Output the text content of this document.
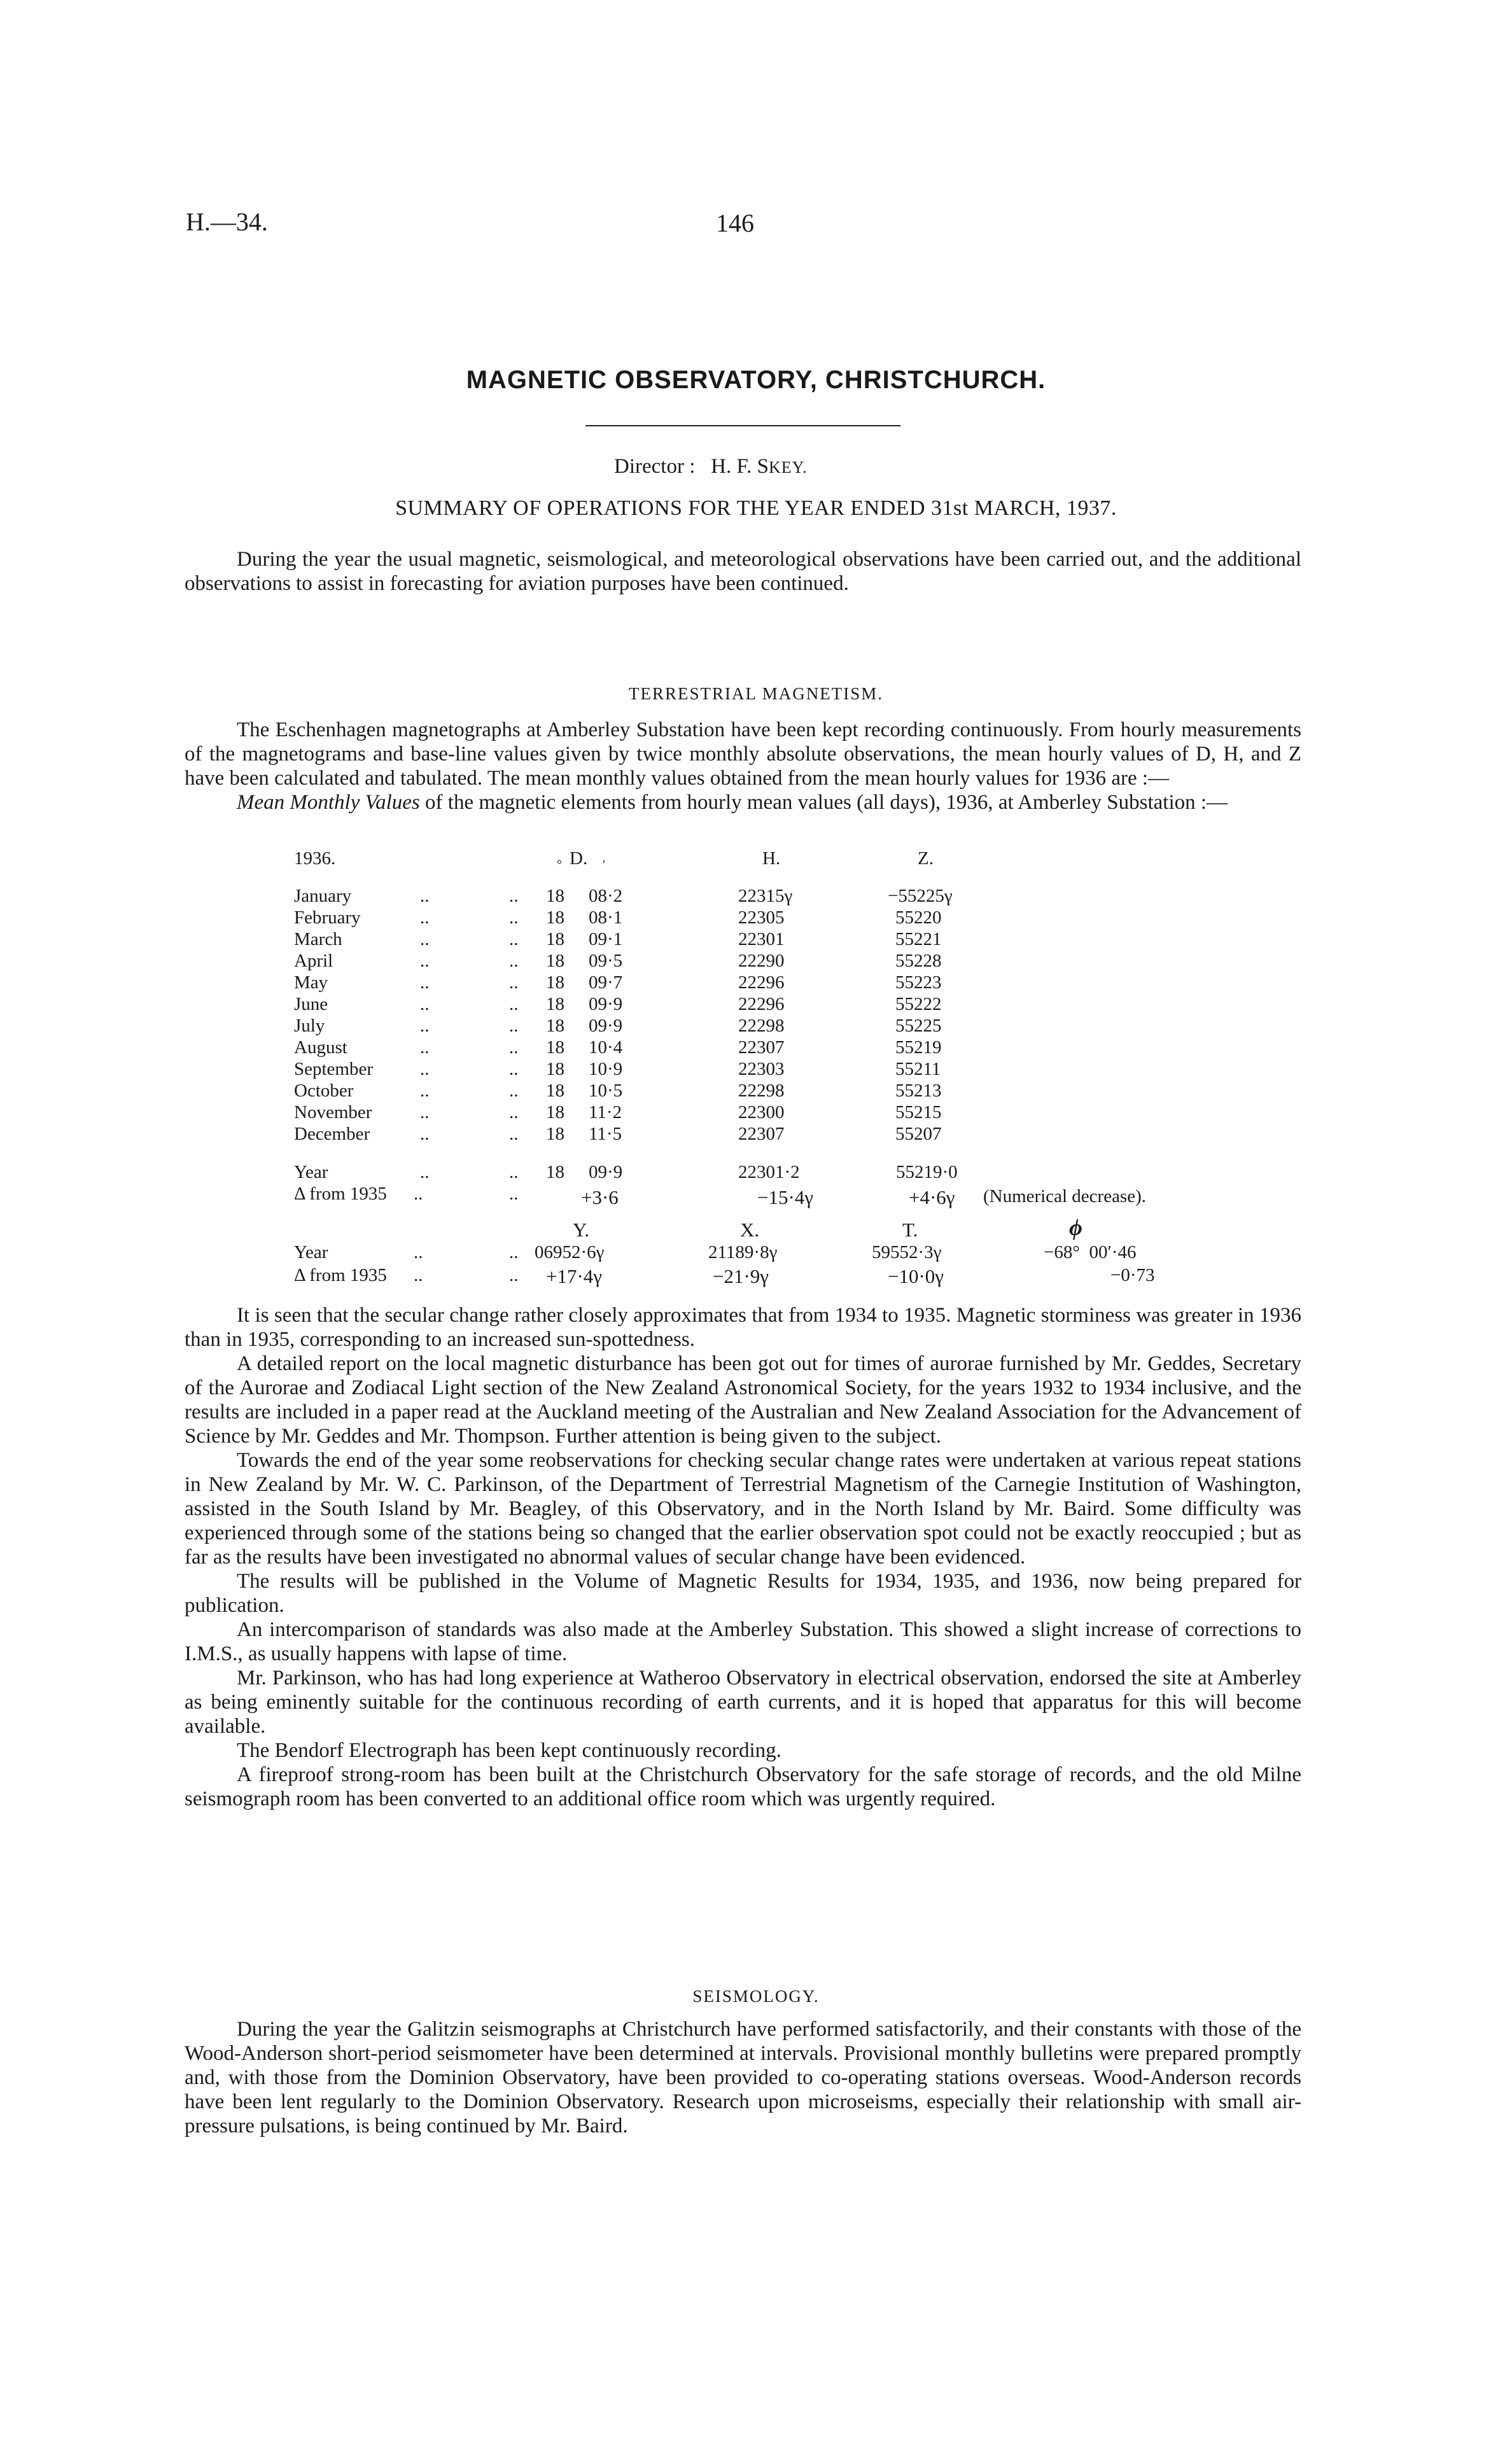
H.—34.	146
MAGNETIC OBSERVATORY, CHRISTCHURCH.
Director : H. F. SKEY.
SUMMARY OF OPERATIONS FOR THE YEAR ENDED 31st MARCH, 1937.

During the year the usual magnetic, seismological, and meteorological observations have been carried out, and the additional observations to assist in forecasting for aviation purposes have been continued.

TERRESTRIAL MAGNETISM.

The Eschenhagen magnetographs at Amberley Substation have been kept recording continuously. From hourly measurements of the magnetograms and base-line values given by twice monthly absolute observations, the mean hourly values of D, H, and Z have been calculated and tabulated. The mean monthly values obtained from the mean hourly values for 1936 are :—

Mean Monthly Values of the magnetic elements from hourly mean values (all days), 1936, at Amberley Substation :—

1936.	D.
°	′	H.	Z.
January	..	.. 18 08·2	22315γ	−55225γ
February	..	.. 18 08·1	22305	55220
March	..	.. 18 09·1	22301	55221
April	..	.. 18 09·5	22290	55228
May	..	.. 18 09·7	22296	55223
June	..	.. 18 09·9	22296	55222
July	..	.. 18 09·9	22298	55225
August	..	.. 18 10·4	22307	55219
September	..	.. 18 10·9	22303	55211
October	..	.. 18 10·5	22298	55213
November	..	.. 18 11·2	22300	55215
December	..	.. 18 11·5	22307	55207
Year	..	.. 18 09·9	22301·2	55219·0
Δ from 1935 ..	..	+3·6	−15·4γ	+4·6γ (Numerical decrease).
Y.	X.	T.	ϕ
Year	..	.. 06952·6γ	21189·8γ	59552·3γ	−68°  00′·46
Δ from 1935 ..	.. +17·4γ	−21·9γ	−10·0γ	−0·73

It is seen that the secular change rather closely approximates that from 1934 to 1935. Magnetic storminess was greater in 1936 than in 1935, corresponding to an increased sun-spottedness.

A detailed report on the local magnetic disturbance has been got out for times of aurorae furnished by Mr. Geddes, Secretary of the Aurorae and Zodiacal Light section of the New Zealand Astronomical Society, for the years 1932 to 1934 inclusive, and the results are included in a paper read at the Auckland meeting of the Australian and New Zealand Association for the Advancement of Science by Mr. Geddes and Mr. Thompson. Further attention is being given to the subject.

Towards the end of the year some reobservations for checking secular change rates were undertaken at various repeat stations in New Zealand by Mr. W. C. Parkinson, of the Department of Terrestrial Magnetism of the Carnegie Institution of Washington, assisted in the South Island by Mr. Beagley, of this Observatory, and in the North Island by Mr. Baird. Some difficulty was experienced through some of the stations being so changed that the earlier observation spot could not be exactly reoccupied ; but as far as the results have been investigated no abnormal values of secular change have been evidenced.

The results will be published in the Volume of Magnetic Results for 1934, 1935, and 1936, now being prepared for publication.

An intercomparison of standards was also made at the Amberley Substation. This showed a slight increase of corrections to I.M.S., as usually happens with lapse of time.

Mr. Parkinson, who has had long experience at Watheroo Observatory in electrical observation, endorsed the site at Amberley as being eminently suitable for the continuous recording of earth currents, and it is hoped that apparatus for this will become available.

The Bendorf Electrograph has been kept continuously recording.

A fireproof strong-room has been built at the Christchurch Observatory for the safe storage of records, and the old Milne seismograph room has been converted to an additional office room which was urgently required.

SEISMOLOGY.

During the year the Galitzin seismographs at Christchurch have performed satisfactorily, and their constants with those of the Wood-Anderson short-period seismometer have been determined at intervals. Provisional monthly bulletins were prepared promptly and, with those from the Dominion Observatory, have been provided to co-operating stations overseas. Wood-Anderson records have been lent regularly to the Dominion Observatory. Research upon microseisms, especially their relationship with small air-pressure pulsations, is being continued by Mr. Baird.
